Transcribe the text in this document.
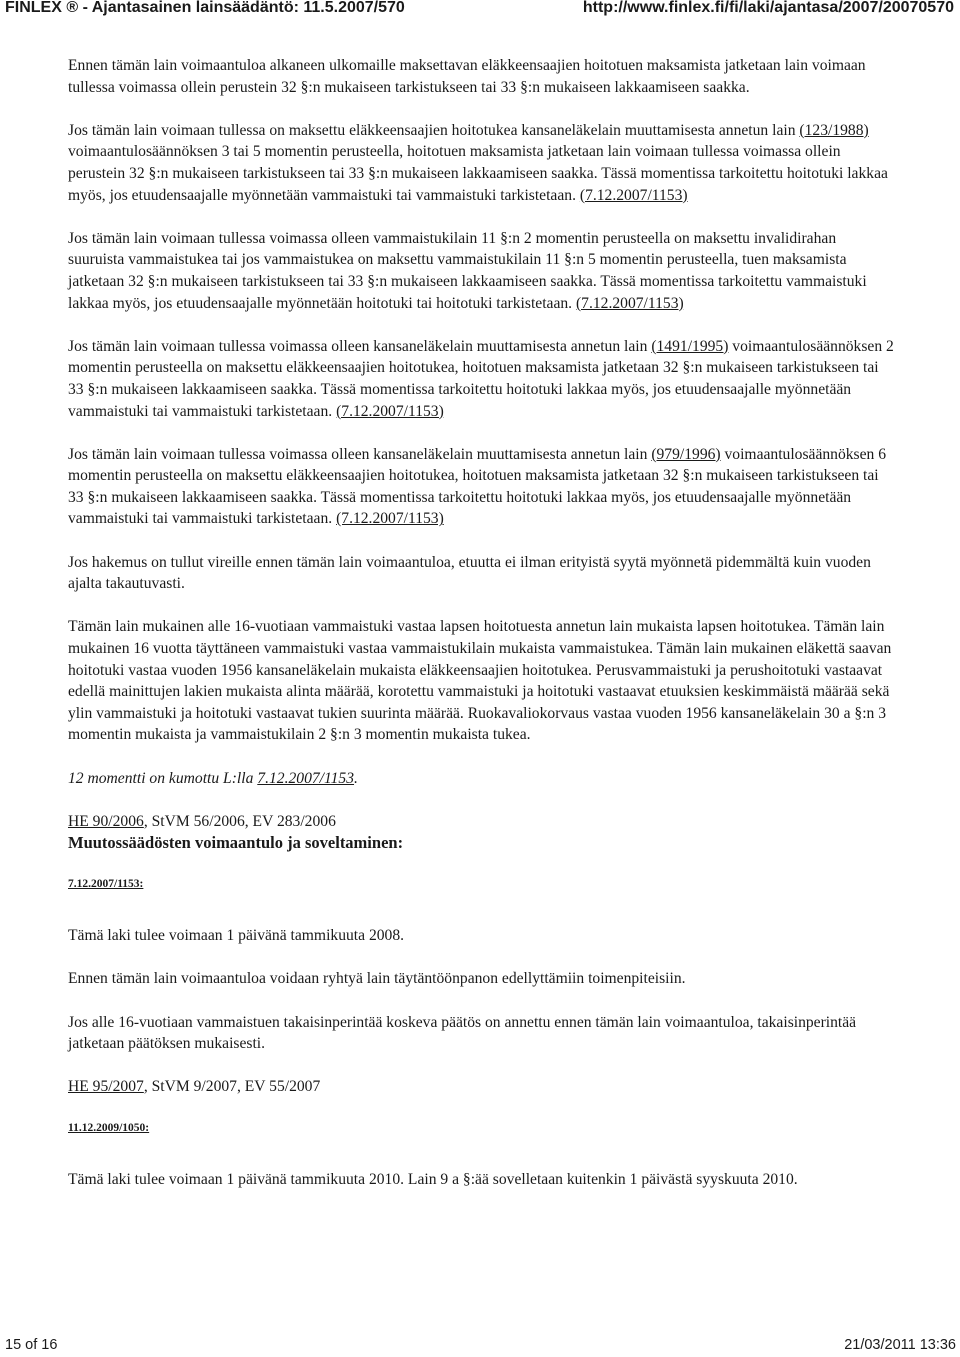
FINLEX ® - Ajantasainen lainsäädäntö: 11.5.2007/570	http://www.finlex.fi/fi/laki/ajantasa/2007/20070570

Ennen tämän lain voimaantuloa alkaneen ulkomaille maksettavan eläkkeensaajien hoitotuen maksamista jatketaan lain voimaan tullessa voimassa ollein perustein 32 §:n mukaiseen tarkistukseen tai 33 §:n mukaiseen lakkaamiseen saakka.

Jos tämän lain voimaan tullessa on maksettu eläkkeensaajien hoitotukea kansaneläkelain muuttamisesta annetun lain (123/1988) voimaantulosäännöksen 3 tai 5 momentin perusteella, hoitotuen maksamista jatketaan lain voimaan tullessa voimassa ollein perustein 32 §:n mukaiseen tarkistukseen tai 33 §:n mukaiseen lakkaamiseen saakka. Tässä momentissa tarkoitettu hoitotuki lakkaa myös, jos etuudensaajalle myönnetään vammaistuki tai vammaistuki tarkistetaan. (7.12.2007/1153)

Jos tämän lain voimaan tullessa voimassa olleen vammaistukilain 11 §:n 2 momentin perusteella on maksettu invalidirahan suuruista vammaistukea tai jos vammaistukea on maksettu vammaistukilain 11 §:n 5 momentin perusteella, tuen maksamista jatketaan 32 §:n mukaiseen tarkistukseen tai 33 §:n mukaiseen lakkaamiseen saakka. Tässä momentissa tarkoitettu vammaistuki lakkaa myös, jos etuudensaajalle myönnetään hoitotuki tai hoitotuki tarkistetaan. (7.12.2007/1153)

Jos tämän lain voimaan tullessa voimassa olleen kansaneläkelain muuttamisesta annetun lain (1491/1995) voimaantulosäännöksen 2 momentin perusteella on maksettu eläkkeensaajien hoitotukea, hoitotuen maksamista jatketaan 32 §:n mukaiseen tarkistukseen tai 33 §:n mukaiseen lakkaamiseen saakka. Tässä momentissa tarkoitettu hoitotuki lakkaa myös, jos etuudensaajalle myönnetään vammaistuki tai vammaistuki tarkistetaan. (7.12.2007/1153)

Jos tämän lain voimaan tullessa voimassa olleen kansaneläkelain muuttamisesta annetun lain (979/1996) voimaantulosäännöksen 6 momentin perusteella on maksettu eläkkeensaajien hoitotukea, hoitotuen maksamista jatketaan 32 §:n mukaiseen tarkistukseen tai 33 §:n mukaiseen lakkaamiseen saakka. Tässä momentissa tarkoitettu hoitotuki lakkaa myös, jos etuudensaajalle myönnetään vammaistuki tai vammaistuki tarkistetaan. (7.12.2007/1153)

Jos hakemus on tullut vireille ennen tämän lain voimaantuloa, etuutta ei ilman erityistä syytä myönnetä pidemmältä kuin vuoden ajalta takautuvasti.

Tämän lain mukainen alle 16-vuotiaan vammaistuki vastaa lapsen hoitotuesta annetun lain mukaista lapsen hoitotukea. Tämän lain mukainen 16 vuotta täyttäneen vammaistuki vastaa vammaistukilain mukaista vammaistukea. Tämän lain mukainen eläkettä saavan hoitotuki vastaa vuoden 1956 kansaneläkelain mukaista eläkkeensaajien hoitotukea. Perusvammaistuki ja perushoitotuki vastaavat edellä mainittujen lakien mukaista alinta määrää, korotettu vammaistuki ja hoitotuki vastaavat etuuksien keskimmäistä määrää sekä ylin vammaistuki ja hoitotuki vastaavat tukien suurinta määrää. Ruokavaliokorvaus vastaa vuoden 1956 kansaneläkelain 30 a §:n 3 momentin mukaista ja vammaistukilain 2 §:n 3 momentin mukaista tukea.

12 momentti on kumottu L:lla 7.12.2007/1153.

HE 90/2006, StVM 56/2006, EV 283/2006

Muutossäädösten voimaantulo ja soveltaminen:

7.12.2007/1153:

Tämä laki tulee voimaan 1 päivänä tammikuuta 2008.

Ennen tämän lain voimaantuloa voidaan ryhtyä lain täytäntöönpanon edellyttämiin toimenpiteisiin.

Jos alle 16-vuotiaan vammaistuen takaisinperintää koskeva päätös on annettu ennen tämän lain voimaantuloa, takaisinperintää jatketaan päätöksen mukaisesti.

HE 95/2007, StVM 9/2007, EV 55/2007

11.12.2009/1050:

Tämä laki tulee voimaan 1 päivänä tammikuuta 2010. Lain 9 a §:ää sovelletaan kuitenkin 1 päivästä syyskuuta 2010.

15 of 16	21/03/2011 13:36
